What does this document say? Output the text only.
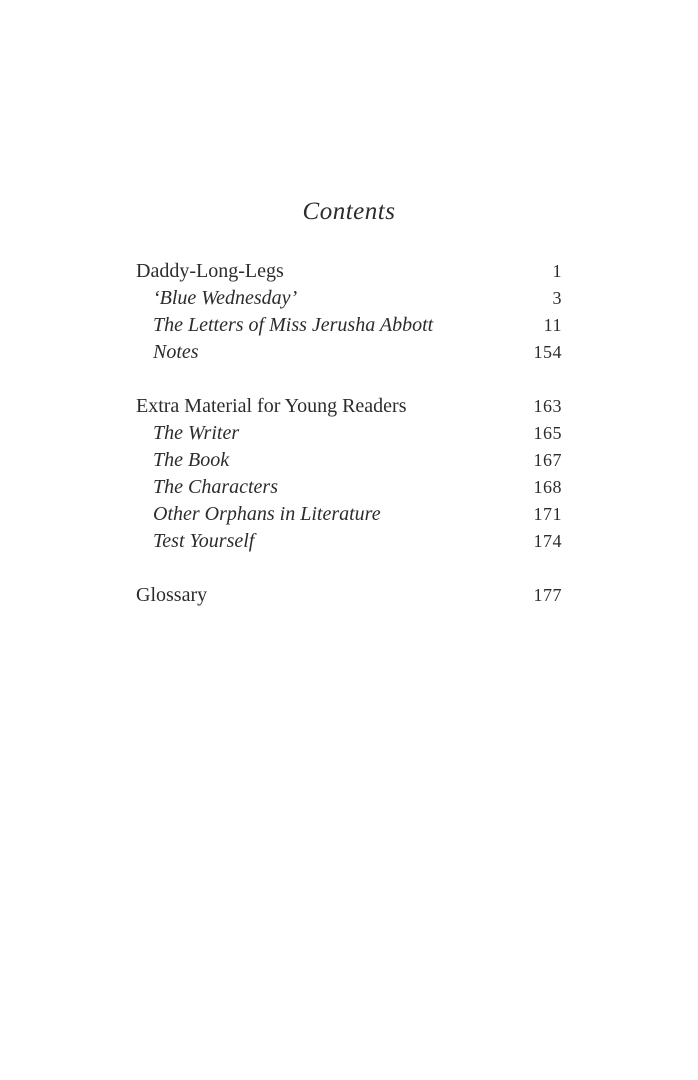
Contents
Daddy-Long-Legs	1
‘Blue Wednesday’	3
The Letters of Miss Jerusha Abbott	11
Notes	154
Extra Material for Young Readers	163
The Writer	165
The Book	167
The Characters	168
Other Orphans in Literature	171
Test Yourself	174
Glossary	177
